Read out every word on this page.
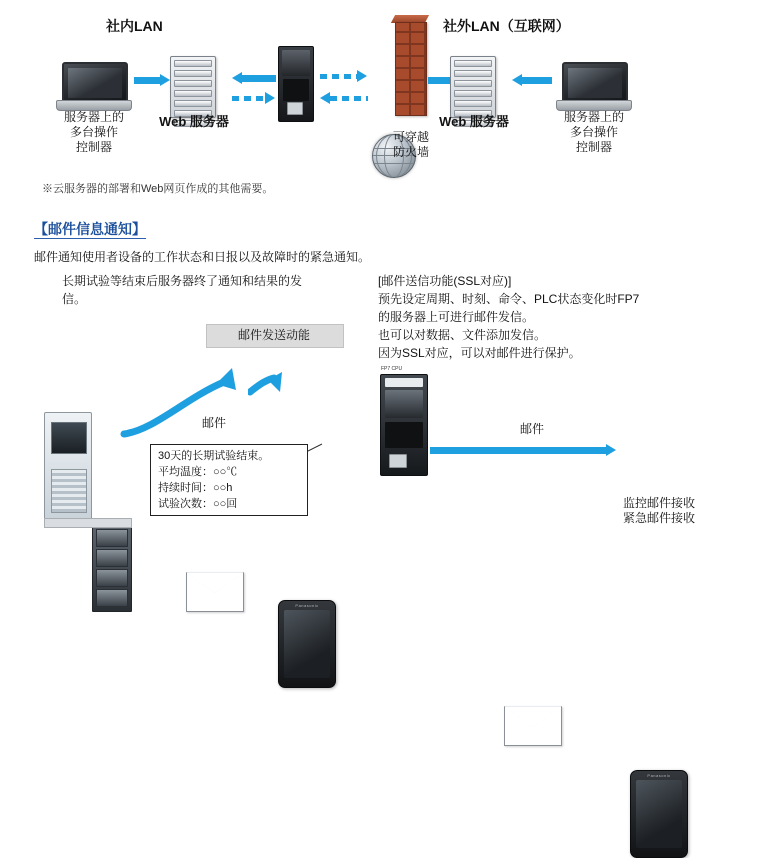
社内LAN	社外LAN（互联网）
服务器上的
多台操作
控制器
Web 服务器
可穿越
防火墙
Web 服务器	服务器上的
多台操作
控制器
※云服务器的部署和Web网页作成的其他需要。
【邮件信息通知】
邮件通知使用者设备的工作状态和日报以及故障时的紧急通知。
长期试验等结束后服务器终了通知和结果的发
信。
[邮件送信功能(SSL对应)]
预先设定周期、时刻、命令、PLC状态变化时FP7
的服务器上可进行邮件发信。
也可以对数据、文件添加发信。
因为SSL对应，可以对邮件进行保护。
邮件发送动能
邮件
Panasonic
30天的长期试验结束。
平均温度：○○℃
持续时间：○○h
试验次数：○○回
FP7 CPU
邮件
Panasonic
监控邮件接收
紧急邮件接收
